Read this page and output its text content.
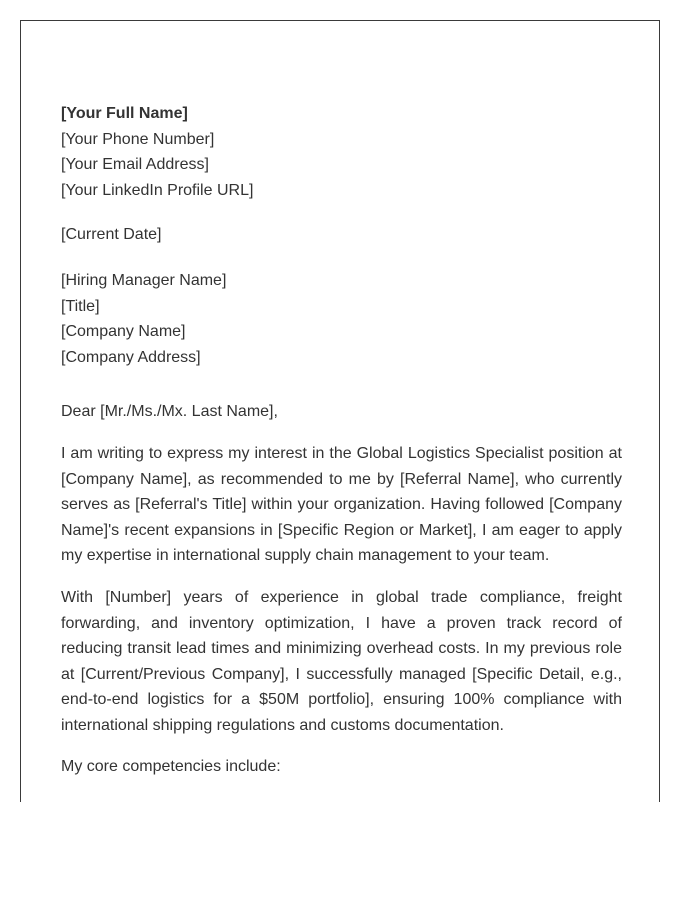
[Your Full Name]
[Your Phone Number]
[Your Email Address]
[Your LinkedIn Profile URL]
[Current Date]
[Hiring Manager Name]
[Title]
[Company Name]
[Company Address]
Dear [Mr./Ms./Mx. Last Name],

I am writing to express my interest in the Global Logistics Specialist position at [Company Name], as recommended to me by [Referral Name], who currently serves as [Referral's Title] within your organization. Having followed [Company Name]'s recent expansions in [Specific Region or Market], I am eager to apply my expertise in international supply chain management to your team.

With [Number] years of experience in global trade compliance, freight forwarding, and inventory optimization, I have a proven track record of reducing transit lead times and minimizing overhead costs. In my previous role at [Current/Previous Company], I successfully managed [Specific Detail, e.g., end-to-end logistics for a $50M portfolio], ensuring 100% compliance with international shipping regulations and customs documentation.

My core competencies include:
